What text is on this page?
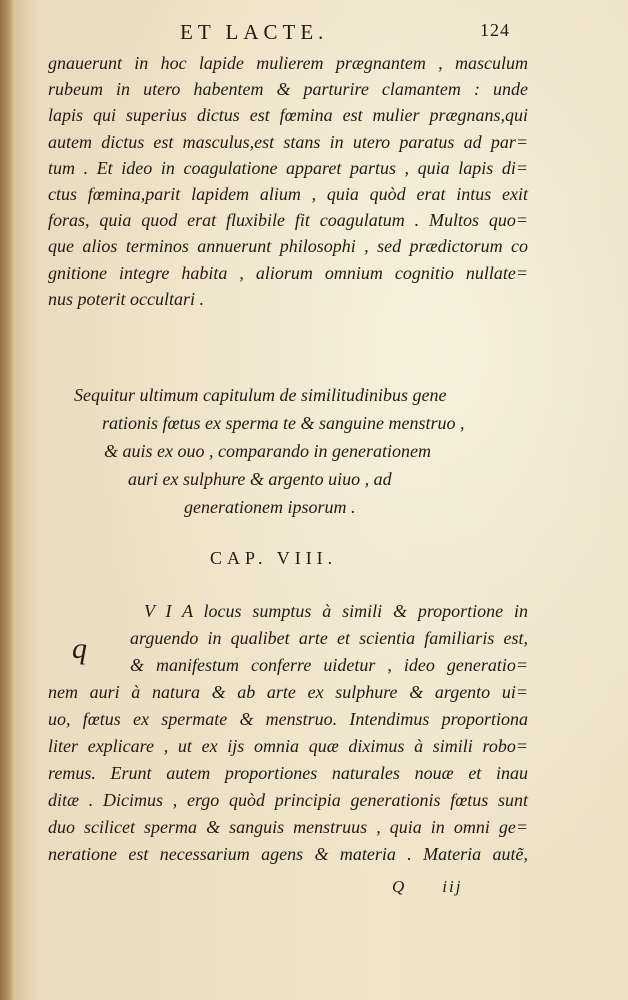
ET LACTE.	124
gnauerunt in hoc lapide mulierem prægnantem , masculum
rubeum in utero habentem & parturire clamantem : unde
lapis qui superius dictus est fœmina est mulier prægnans,qui
autem dictus est masculus,est stans in utero paratus ad par=
tum . Et ideo in coagulatione apparet partus , quia lapis di=
ctus fœmina,parit lapidem alium , quia quòd erat intus exit
foras, quia quod erat fluxibile fit coagulatum . Multos quo=
que alios terminos annuerunt philosophi , sed prædictorum co
gnitione integre habita , aliorum omnium cognitio nullate=
nus poterit occultari .
Sequitur ultimum capitulum de similitudinibus gene
rationis fœtus ex sperma te & sanguine menstruo ,
& auis ex ouo , comparando in generationem
auri ex sulphure & argento uiuo , ad
generationem ipsorum .
CAP. VIII.
q
V I A locus sumptus à simili & proportione in
arguendo in qualibet arte et scientia familiaris est,
& manifestum conferre uidetur , ideo generatio=
nem auri à natura & ab arte ex sulphure & argento ui=
uo, fœtus ex spermate & menstruo. Intendimus proportiona
liter explicare , ut ex ijs omnia quæ diximus à simili robo=
remus. Erunt autem proportiones naturales nouæ et inau
ditæ . Dicimus , ergo quòd principia generationis fœtus sunt
duo scilicet sperma & sanguis menstruus , quia in omni ge=
neratione est necessarium agens & materia . Materia autẽ,
Q iij
